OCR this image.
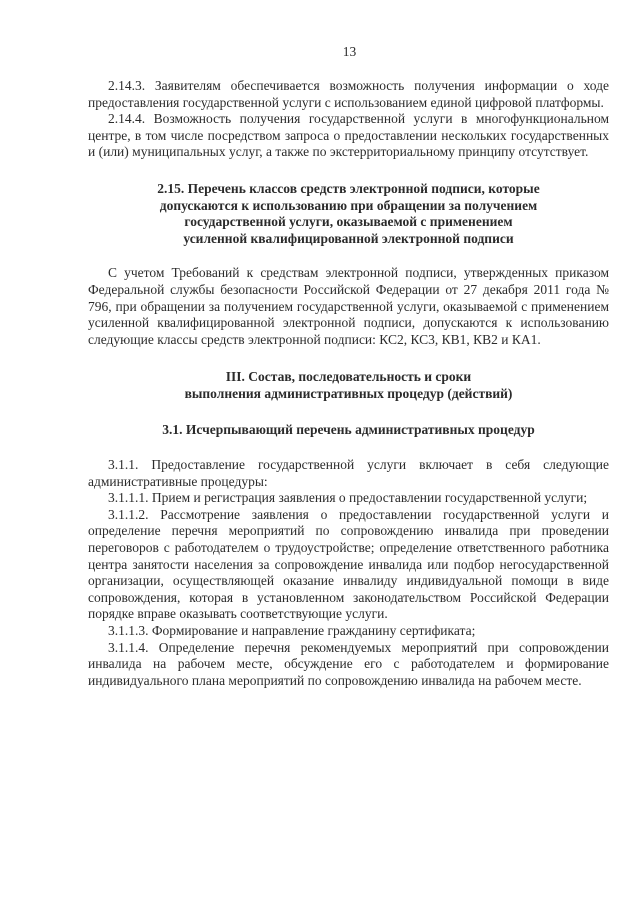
13

2.14.3. Заявителям обеспечивается возможность получения информации о ходе предоставления государственной услуги с использованием единой цифровой платформы.

2.14.4. Возможность получения государственной услуги в многофункциональном центре, в том числе посредством запроса о предоставлении нескольких государственных и (или) муниципальных услуг, а также по экстерриториальному принципу отсутствует.

2.15. Перечень классов средств электронной подписи, которые
допускаются к использованию при обращении за получением
государственной услуги, оказываемой с применением
усиленной квалифицированной электронной подписи

С учетом Требований к средствам электронной подписи, утвержденных приказом Федеральной службы безопасности Российской Федерации от 27 декабря 2011 года № 796, при обращении за получением государственной услуги, оказываемой с применением усиленной квалифицированной электронной подписи, допускаются к использованию следующие классы средств электронной подписи: КС2, КС3, КВ1, КВ2 и КА1.

III. Состав, последовательность и сроки
выполнения административных процедур (действий)
3.1. Исчерпывающий перечень административных процедур

3.1.1. Предоставление государственной услуги включает в себя следующие административные процедуры:

3.1.1.1. Прием и регистрация заявления о предоставлении государственной услуги;

3.1.1.2. Рассмотрение заявления о предоставлении государственной услуги и определение перечня мероприятий по сопровождению инвалида при проведении переговоров с работодателем о трудоустройстве; определение ответственного работника центра занятости населения за сопровождение инвалида или подбор негосударственной организации, осуществляющей оказание инвалиду индивидуальной помощи в виде сопровождения, которая в установленном законодательством Российской Федерации порядке вправе оказывать соответствующие услуги.

3.1.1.3. Формирование и направление гражданину сертификата;

3.1.1.4. Определение перечня рекомендуемых мероприятий при сопровождении инвалида на рабочем месте, обсуждение его с работодателем и формирование индивидуального плана мероприятий по сопровождению инвалида на рабочем месте.
